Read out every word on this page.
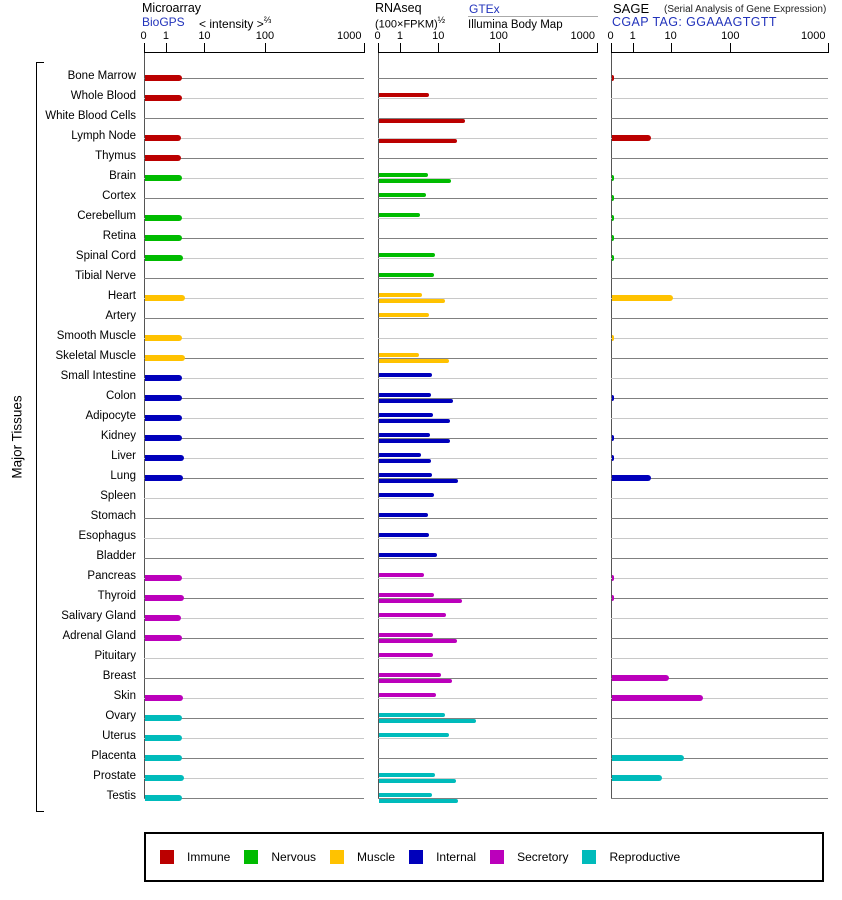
Microarray
BioGPS < intensity >$^{\frac{2}{3}}$
RNAseq
(100×FPKM)$^{\frac{1}{2}}$
GTEx
Illumina Body Map
SAGE (Serial Analysis of Gene Expression)
CGAP TAG: GGAAAGTGTT
Major Tissues
0 1	10	100	1000 0 1	10	100	1000 0 1	10	100	1000
Bone Marrow
Whole Blood
White Blood Cells
Lymph Node
Thymus
Brain
Cortex
Cerebellum
Retina
Spinal Cord
Tibial Nerve
Heart
Artery
Smooth Muscle
Skeletal Muscle
Small Intestine
Colon
Adipocyte
Kidney
Liver
Lung
Spleen
Stomach
Esophagus
Bladder
Pancreas
Thyroid
Salivary Gland
Adrenal Gland
Pituitary
Breast
Skin
Ovary
Uterus
Placenta
Prostate
Testis
Immune	Nervous	Muscle	Internal	Secretory	Reproductive
